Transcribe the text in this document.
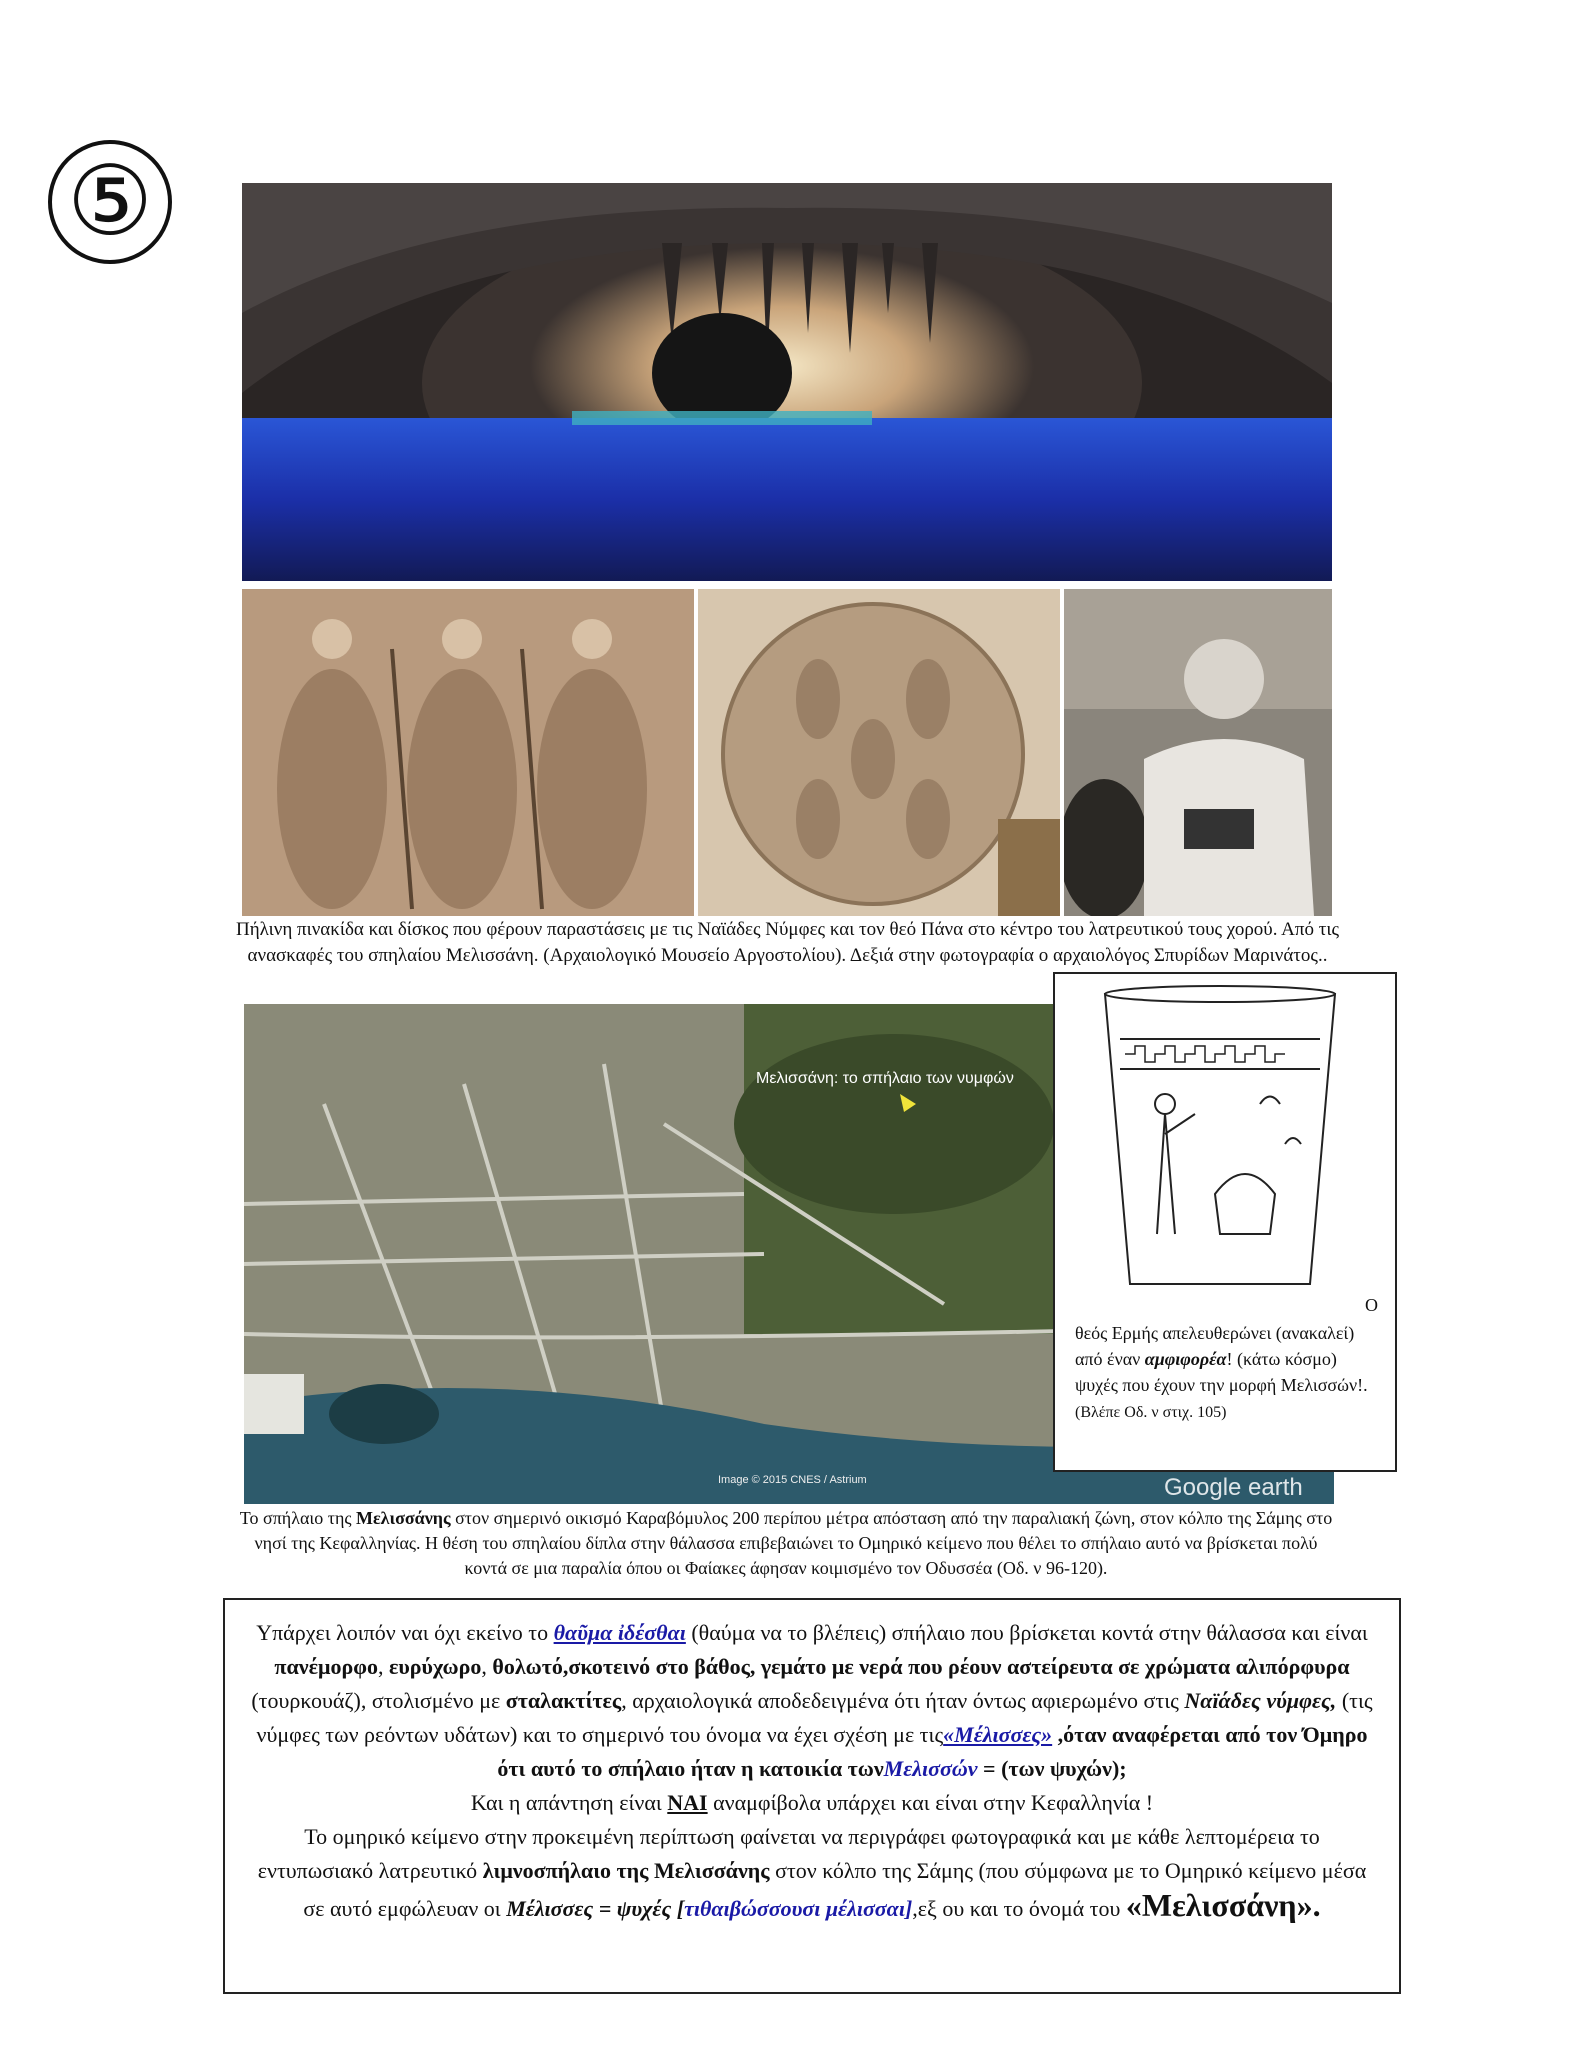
⑤
Πήλινη πινακίδα και δίσκος που φέρουν παραστάσεις με τις Ναϊάδες Νύμφες και τον θεό Πάνα στο κέντρο του λατρευτικού τους χορού. Από τις ανασκαφές του σπηλαίου Μελισσάνη. (Αρχαιολογικό Μουσείο Αργοστολίου). Δεξιά στην φωτογραφία ο αρχαιολόγος Σπυρίδων Μαρινάτος..
Μελισσάνη: το σπήλαιο των νυμφών
Image © 2015 CNES / Astrium	Google earth
Ο
θεός Ερμής απελευθερώνει (ανακαλεί) από έναν αμφιφορέα! (κάτω κόσμο) ψυχές που έχουν την μορφή Μελισσών!. (Βλέπε Οδ. ν στιχ. 105)
Το σπήλαιο της Μελισσάνης στον σημερινό οικισμό Καραβόμυλος 200 περίπου μέτρα απόσταση από την παραλιακή ζώνη, στον κόλπο της Σάμης στο νησί της Κεφαλληνίας. Η θέση του σπηλαίου δίπλα στην θάλασσα επιβεβαιώνει το Ομηρικό κείμενο που θέλει το σπήλαιο αυτό να βρίσκεται πολύ κοντά σε μια παραλία όπου οι Φαίακες άφησαν κοιμισμένο τον Οδυσσέα (Οδ. ν 96-120).
Υπάρχει λοιπόν ναι όχι εκείνο το θαῦμα ἰδέσθαι (θαύμα να το βλέπεις) σπήλαιο που βρίσκεται κοντά στην θάλασσα και είναι πανέμορφο, ευρύχωρο, θολωτό,σκοτεινό στο βάθος, γεμάτο με νερά που ρέουν αστείρευτα σε χρώματα αλιπόρφυρα (τουρκουάζ), στολισμένο με σταλακτίτες, αρχαιολογικά αποδεδειγμένα ότι ήταν όντως αφιερωμένο στις Ναϊάδες νύμφες, (τις νύμφες των ρεόντων υδάτων) και το σημερινό του όνομα να έχει σχέση με τις«Μέλισσες» ,όταν αναφέρεται από τον Όμηρο ότι αυτό το σπήλαιο ήταν η κατοικία τωνΜελισσών = (των ψυχών);
Και η απάντηση είναι ΝΑΙ αναμφίβολα υπάρχει και είναι στην Κεφαλληνία !
Το ομηρικό κείμενο στην προκειμένη περίπτωση φαίνεται να περιγράφει φωτογραφικά και με κάθε λεπτομέρεια το εντυπωσιακό λατρευτικό λιμνοσπήλαιο της Μελισσάνης στον κόλπο της Σάμης (που σύμφωνα με το Ομηρικό κείμενο μέσα σε αυτό εμφώλευαν οι Μέλισσες = ψυχές [τιθαιβώσσουσι μέλισσαι],εξ ου και το όνομά του «Μελισσάνη».
